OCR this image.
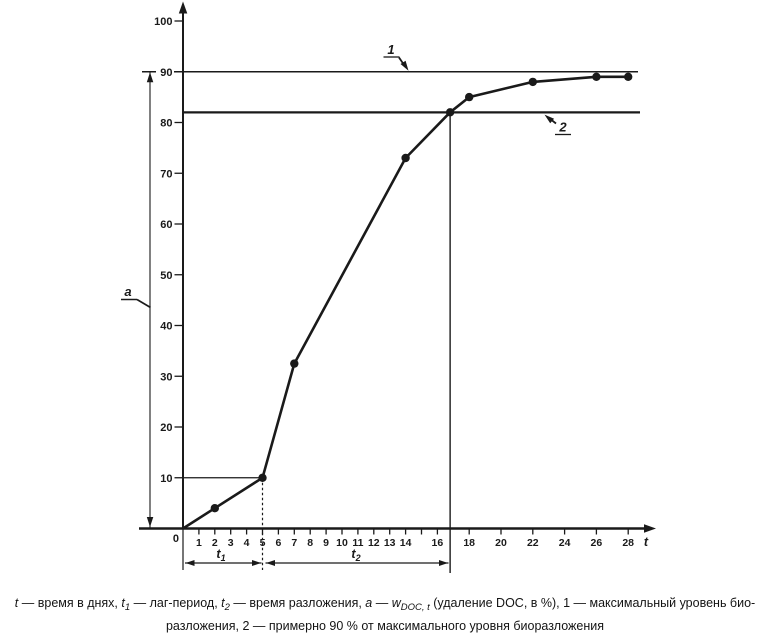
10
20
30
40
50
60
70
80
90
100
1 2 3 4 5 6 7 8 9 10 11 12 13 14 16 18 20 22 24 26 28
0	t
a
$t_1$	$t_2$
1
2
t — время в днях, $t_1$ — лаг-период, $t_2$ — время разложения, a — $w_{DOC, t}$ (удаление DOC, в %), 1 — максимальный уровень био-
разложения, 2 — примерно 90 % от максимального уровня биоразложения
